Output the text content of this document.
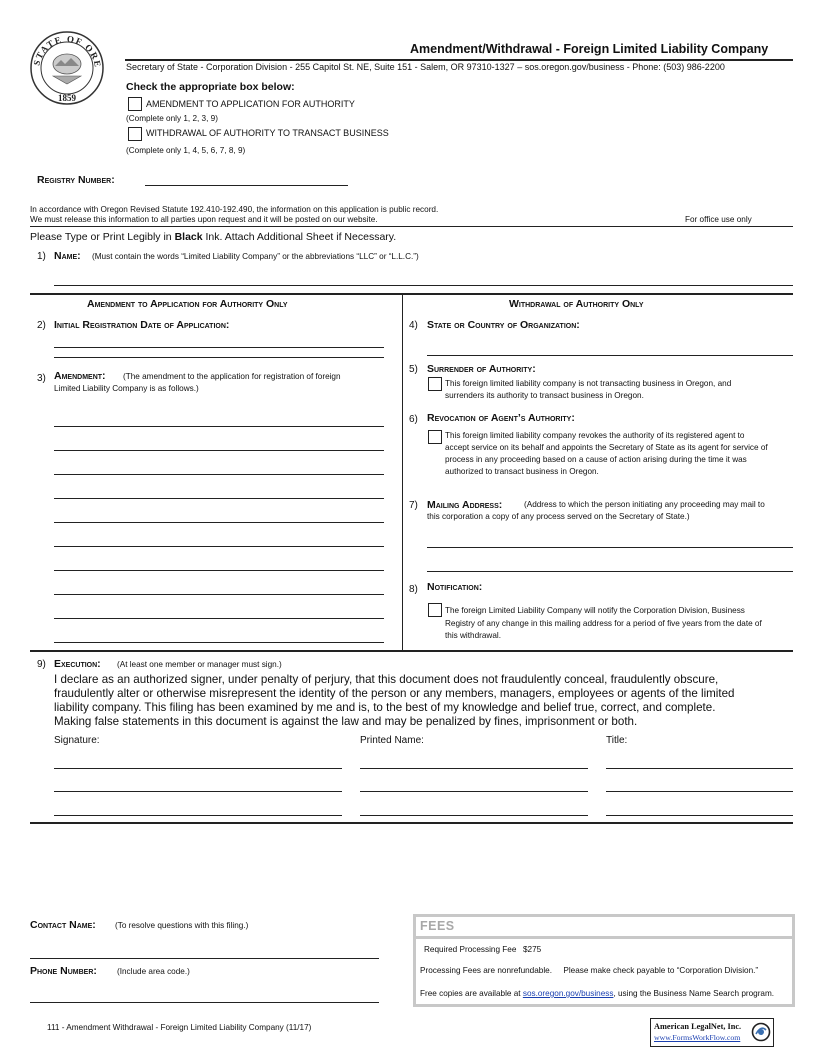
STATE OF ORE
1859
Amendment/Withdrawal - Foreign Limited Liability Company
Secretary of State - Corporation Division - 255 Capitol St. NE, Suite 151 - Salem, OR 97310-1327 – sos.oregon.gov/business - Phone: (503) 986-2200
Check the appropriate box below:
AMENDMENT TO APPLICATION FOR AUTHORITY
(Complete only 1, 2, 3, 9)
WITHDRAWAL OF AUTHORITY TO TRANSACT BUSINESS
(Complete only 1, 4, 5, 6, 7, 8, 9)
Registry Number:
In accordance with Oregon Revised Statute 192.410-192.490, the information on this application is public record.
We must release this information to all parties upon request and it will be posted on our website.	For office use only
Please Type or Print Legibly in Black Ink. Attach Additional Sheet if Necessary.
1) Name: (Must contain the words “Limited Liability Company” or the abbreviations “LLC” or “L.L.C.”)
Amendment to Application for Authority Only
2) Initial Registration Date of Application:
3) Amendment: (The amendment to the application for registration of foreign
Limited Liability Company is as follows.)
Withdrawal of Authority Only
4) State or Country of Organization:
5) Surrender of Authority:
This foreign limited liability company is not transacting business in Oregon, and
surrenders its authority to transact business in Oregon.
6) Revocation of Agent’s Authority:
This foreign limited liability company revokes the authority of its registered agent to
accept service on its behalf and appoints the Secretary of State as its agent for service of
process in any proceeding based on a cause of action arising during the time it was
authorized to transact business in Oregon.
7) Mailing Address:	(Address to which the person initiating any proceeding may mail to
this corporation a copy of any process served on the Secretary of State.)
8) Notification:
The foreign Limited Liability Company will notify the Corporation Division, Business
Registry of any change in this mailing address for a period of five years from the date of
this withdrawal.
9) Execution: (At least one member or manager must sign.)
I declare as an authorized signer, under penalty of perjury, that this document does not fraudulently conceal, fraudulently obscure,
fraudulently alter or otherwise misrepresent the identity of the person or any members, managers, employees or agents of the limited
liability company. This filing has been examined by me and is, to the best of my knowledge and belief true, correct, and complete.
Making false statements in this document is against the law and may be penalized by fines, imprisonment or both.
Signature:	Printed Name:	Title:
Contact Name: (To resolve questions with this filing.)
Phone Number: (Include area code.)
FEES
Required Processing Fee $275
Processing Fees are nonrefundable.     Please make check payable to “Corporation Division.”
Free copies are available at sos.oregon.gov/business, using the Business Name Search program.
111 - Amendment Withdrawal - Foreign Limited Liability Company (11/17)	American LegalNet, Inc.
www.FormsWorkFlow.com
